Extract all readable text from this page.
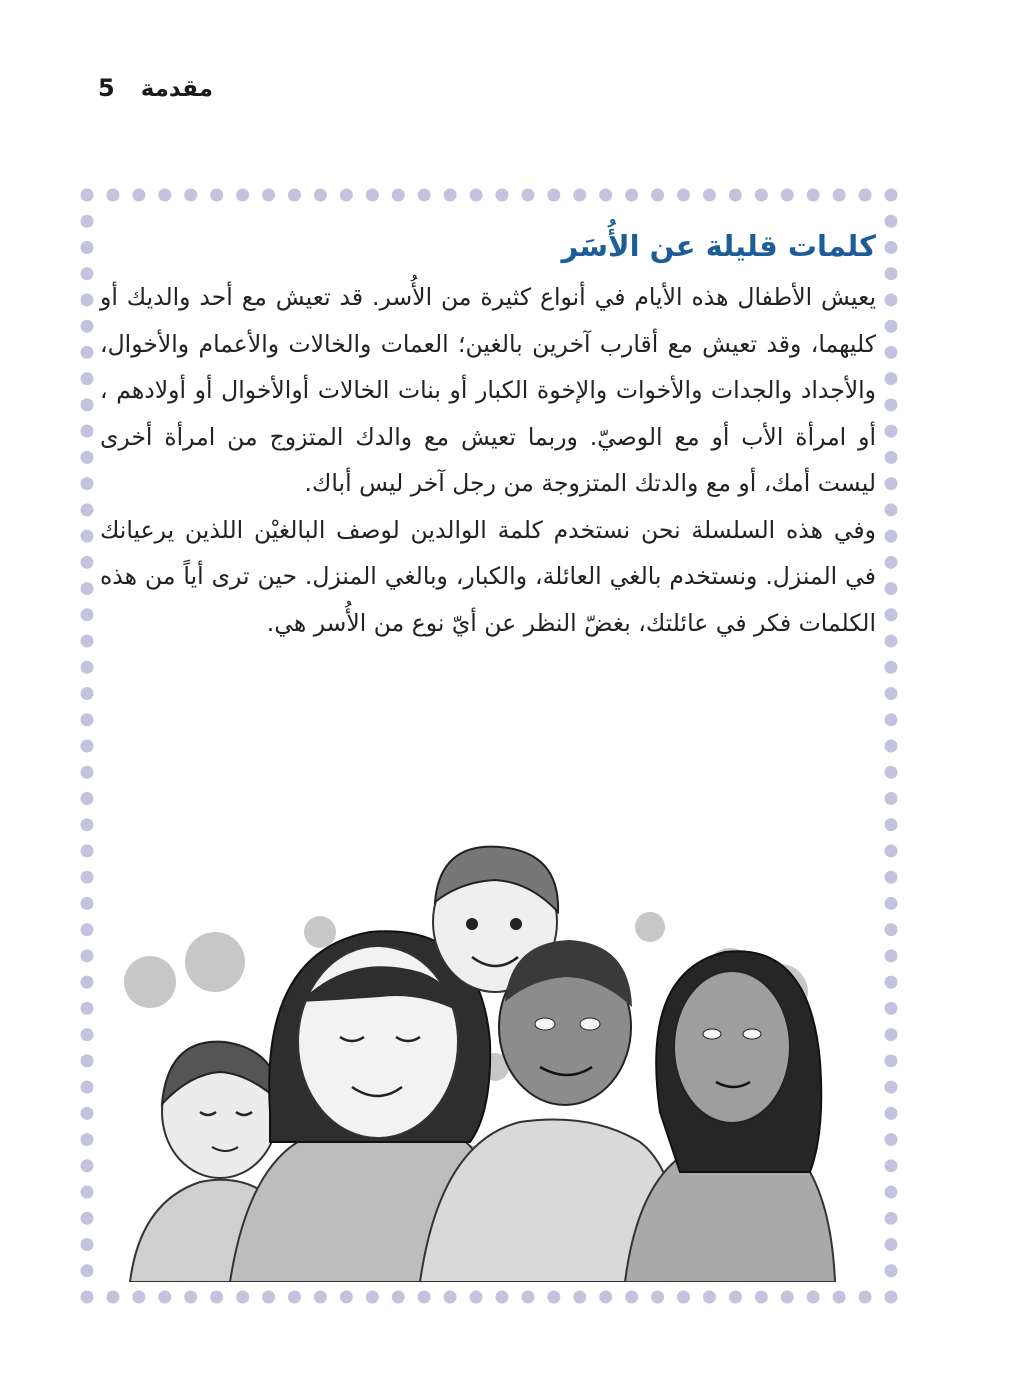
5 مقدمة
كلمات قليلة عن الأُسَر

يعيش الأطفال هذه الأيام في أنواع كثيرة من الأُسر. قد تعيش مع أحد والديك أو كليهما، وقد تعيش مع أقارب آخرين بالغين؛ العمات والخالات والأعمام والأخوال، والأجداد والجدات والأخوات والإخوة الكبار أو بنات الخالات أوالأخوال أو أولادهم ، أو امرأة الأب أو مع الوصيّ. وربما تعيش مع والدك المتزوج من امرأة أخرى ليست أمك، أو مع والدتك المتزوجة من رجل آخر ليس أباك.

وفي هذه السلسلة نحن نستخدم كلمة الوالدين لوصف البالغيْن اللذين يرعيانك في المنزل. ونستخدم بالغي العائلة، والكبار، وبالغي المنزل. حين ترى أياً من هذه الكلمات فكر في عائلتك، بغضّ النظر عن أيّ نوع من الأُسر هي.
